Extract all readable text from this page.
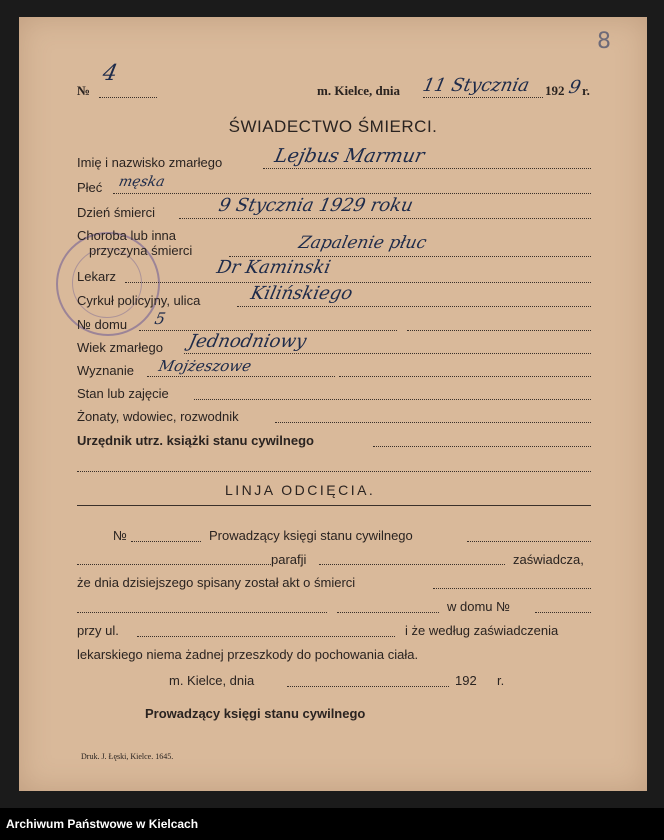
8
№
4
m. Kielce, dnia 11 Stycznia 192 9 r.
ŚWIADECTWO ŚMIERCI.
Imię i nazwisko zmarłego	Lejbus Marmur
Płeć męska
Dzień śmierci	9 Stycznia 1929 roku
Choroba lub inna
przyczyna śmierci	Zapalenie płuc
Lekarz	Dr Kaminski
Cyrkuł policyjny, ulica	Kilińskiego
№ domu 5
Wiek zmarłego Jednodniowy
Wyznanie Mojżeszowe
Stan lub zajęcie
Żonaty, wdowiec, rozwodnik
Urzędnik utrz. książki stanu cywilnego
LINJA ODCIĘCIA.
№	Prowadzący księgi stanu cywilnego
parafji	zaświadcza,
że dnia dzisiejszego spisany został akt o śmierci
w domu №
przy ul.	i że według zaświadczenia
lekarskiego niema żadnej przeszkody do pochowania ciała.
m. Kielce, dnia	192 r.
Prowadzący księgi stanu cywilnego
Druk. J. Łęski, Kielce. 1645.
Archiwum Państwowe w Kielcach
